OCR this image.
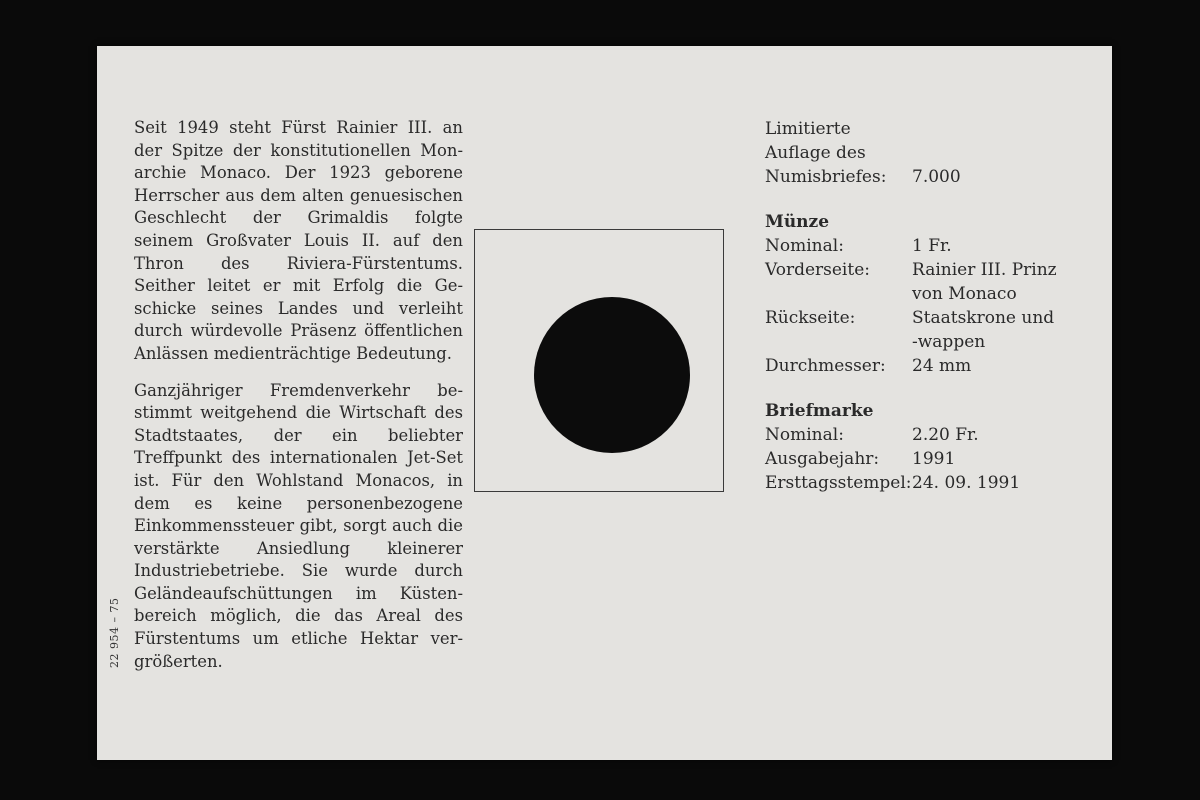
Seit 1949 steht Fürst Rainier III. an der Spitze der konstitutionellen Monarchie Monaco. Der 1923 geborene Herrscher aus dem alten genuesischen Geschlecht der Grimaldis folgte seinem Großvater Louis II. auf den Thron des Riviera-Fürstentums. Seither leitet er mit Erfolg die Geschicke seines Landes und verleiht durch würdevolle Präsenz öffentlichen Anlässen medienträchtige Bedeutung.

Ganzjähriger Fremdenverkehr bestimmt weitgehend die Wirtschaft des Stadtstaates, der ein beliebter Treffpunkt des internationalen Jet-Set ist. Für den Wohlstand Monacos, in dem es keine personenbezogene Einkommenssteuer gibt, sorgt auch die verstärkte Ansiedlung kleinerer Industriebetriebe. Sie wurde durch Geländeaufschüttungen im Küstenbereich möglich, die das Areal des Fürstentums um etliche Hektar vergrößerten.

22 954 – 75
Limitierte
Auflage des
Numisbriefes:	7.000
Münze
Nominal:	1 Fr.
Vorderseite:	Rainier III. Prinz
von Monaco
Rückseite:	Staatskrone und
-wappen
Durchmesser:	24 mm
Briefmarke
Nominal:	2.20 Fr.
Ausgabejahr:	1991
Ersttagsstempel: 24. 09. 1991
